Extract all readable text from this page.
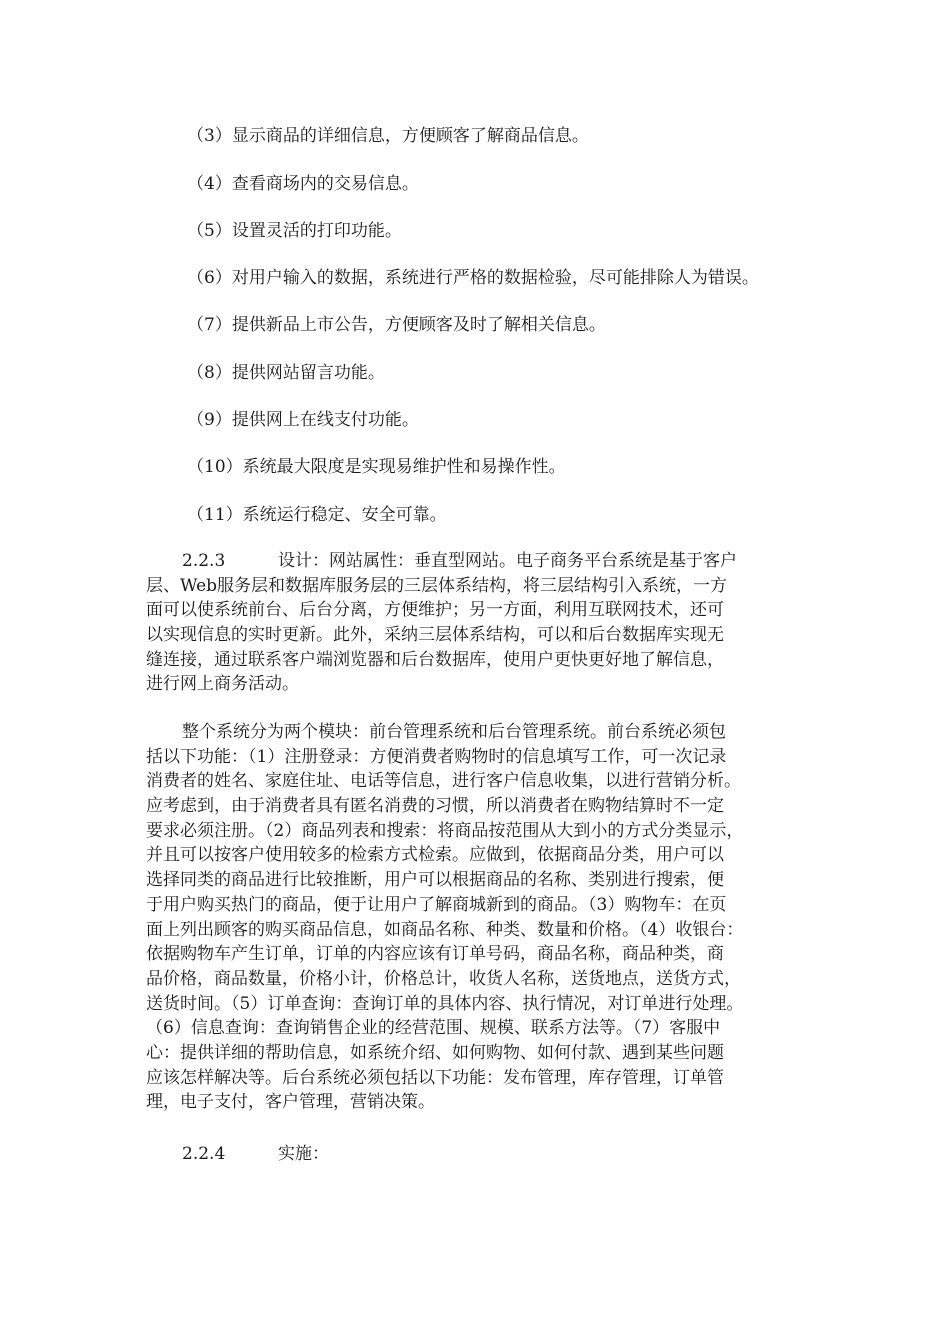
（3）显示商品的详细信息，方便顾客了解商品信息。
（4）查看商场内的交易信息。
（5）设置灵活的打印功能。
（6）对用户输入的数据，系统进行严格的数据检验，尽可能排除人为错误。
（7）提供新品上市公告，方便顾客及时了解相关信息。
（8）提供网站留言功能。
（9）提供网上在线支付功能。
（10）系统最大限度是实现易维护性和易操作性。
（11）系统运行稳定、安全可靠。
2.2.3	设计：网站属性：垂直型网站。电子商务平台系统是基于客户
层、Web服务层和数据库服务层的三层体系结构，将三层结构引入系统，一方
面可以使系统前台、后台分离，方便维护；另一方面，利用互联网技术，还可
以实现信息的实时更新。此外，采纳三层体系结构，可以和后台数据库实现无
缝连接，通过联系客户端浏览器和后台数据库，使用户更快更好地了解信息，
进行网上商务活动。
整个系统分为两个模块：前台管理系统和后台管理系统。前台系统必须包
括以下功能：（1）注册登录：方便消费者购物时的信息填写工作，可一次记录
消费者的姓名、家庭住址、电话等信息，进行客户信息收集，以进行营销分析。
应考虑到，由于消费者具有匿名消费的习惯，所以消费者在购物结算时不一定
要求必须注册。（2）商品列表和搜索：将商品按范围从大到小的方式分类显示，
并且可以按客户使用较多的检索方式检索。应做到，依据商品分类，用户可以
选择同类的商品进行比较推断，用户可以根据商品的名称、类别进行搜索，便
于用户购买热门的商品，便于让用户了解商城新到的商品。（3）购物车：在页
面上列出顾客的购买商品信息，如商品名称、种类、数量和价格。（4）收银台：
依据购物车产生订单，订单的内容应该有订单号码，商品名称，商品种类，商
品价格，商品数量，价格小计，价格总计，收货人名称，送货地点，送货方式，
送货时间。（5）订单查询：查询订单的具体内容、执行情况，对订单进行处理。
（6）信息查询：查询销售企业的经营范围、规模、联系方法等。（7）客服中
心：提供详细的帮助信息，如系统介绍、如何购物、如何付款、遇到某些问题
应该怎样解决等。后台系统必须包括以下功能：发布管理，库存管理，订单管
理，电子支付，客户管理，营销决策。
2.2.4	实施：
